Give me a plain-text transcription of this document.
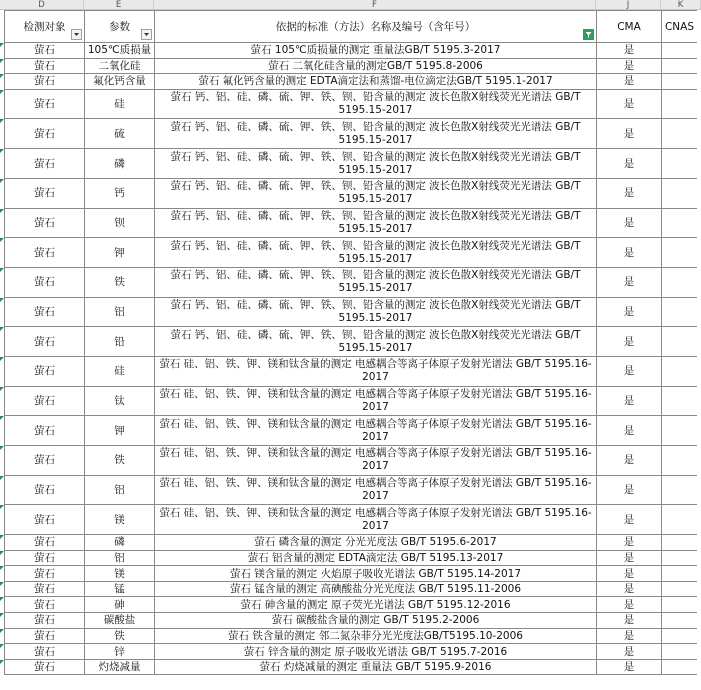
D	E	F	J	K
检测对象	参数	依据的标准（方法）名称及编号（含年号）	CMA	CNAS
萤石	105℃质损量	萤石 105℃质损量的测定 重量法GB/T 5195.3-2017	是	
萤石	二氧化硅	萤石 二氧化硅含量的测定GB/T 5195.8-2006	是	
萤石	氟化钙含量	萤石 氟化钙含量的测定 EDTA滴定法和蒸馏-电位滴定法GB/T 5195.1-2017	是	
萤石	硅	萤石 钙、铝、硅、磷、硫、钾、铁、钡、铅含量的测定 波长色散X射线荧光光谱法 GB/T 5195.15-2017	是	
萤石	硫	萤石 钙、铝、硅、磷、硫、钾、铁、钡、铅含量的测定 波长色散X射线荧光光谱法 GB/T 5195.15-2017	是	
萤石	磷	萤石 钙、铝、硅、磷、硫、钾、铁、钡、铅含量的测定 波长色散X射线荧光光谱法 GB/T 5195.15-2017	是	
萤石	钙	萤石 钙、铝、硅、磷、硫、钾、铁、钡、铅含量的测定 波长色散X射线荧光光谱法 GB/T 5195.15-2017	是	
萤石	钡	萤石 钙、铝、硅、磷、硫、钾、铁、钡、铅含量的测定 波长色散X射线荧光光谱法 GB/T 5195.15-2017	是	
萤石	钾	萤石 钙、铝、硅、磷、硫、钾、铁、钡、铅含量的测定 波长色散X射线荧光光谱法 GB/T 5195.15-2017	是	
萤石	铁	萤石 钙、铝、硅、磷、硫、钾、铁、钡、铅含量的测定 波长色散X射线荧光光谱法 GB/T 5195.15-2017	是	
萤石	铝	萤石 钙、铝、硅、磷、硫、钾、铁、钡、铅含量的测定 波长色散X射线荧光光谱法 GB/T 5195.15-2017	是	
萤石	铅	萤石 钙、铝、硅、磷、硫、钾、铁、钡、铅含量的测定 波长色散X射线荧光光谱法 GB/T 5195.15-2017	是	
萤石	硅	萤石 硅、铝、铁、钾、镁和钛含量的测定 电感耦合等离子体原子发射光谱法 GB/T 5195.16-2017	是	
萤石	钛	萤石 硅、铝、铁、钾、镁和钛含量的测定 电感耦合等离子体原子发射光谱法 GB/T 5195.16-2017	是	
萤石	钾	萤石 硅、铝、铁、钾、镁和钛含量的测定 电感耦合等离子体原子发射光谱法 GB/T 5195.16-2017	是	
萤石	铁	萤石 硅、铝、铁、钾、镁和钛含量的测定 电感耦合等离子体原子发射光谱法 GB/T 5195.16-2017	是	
萤石	铝	萤石 硅、铝、铁、钾、镁和钛含量的测定 电感耦合等离子体原子发射光谱法 GB/T 5195.16-2017	是	
萤石	镁	萤石 硅、铝、铁、钾、镁和钛含量的测定 电感耦合等离子体原子发射光谱法 GB/T 5195.16-2017	是	
萤石	磷	萤石 磷含量的测定 分光光度法 GB/T 5195.6-2017	是	
萤石	铝	萤石 铝含量的测定 EDTA滴定法 GB/T 5195.13-2017	是	
萤石	镁	萤石 镁含量的测定 火焰原子吸收光谱法 GB/T 5195.14-2017	是	
萤石	锰	萤石 锰含量的测定 高碘酸盐分光光度法 GB/T 5195.11-2006	是	
萤石	砷	萤石 砷含量的测定 原子荧光光谱法 GB/T 5195.12-2016	是	
萤石	碳酸盐	萤石 碳酸盐含量的测定 GB/T 5195.2-2006	是	
萤石	铁	萤石 铁含量的测定 邻二氮杂菲分光光度法GB/T5195.10-2006	是	
萤石	锌	萤石 锌含量的测定 原子吸收光谱法 GB/T 5195.7-2016	是	
萤石	灼烧减量	萤石 灼烧减量的测定 重量法 GB/T 5195.9-2016	是	
